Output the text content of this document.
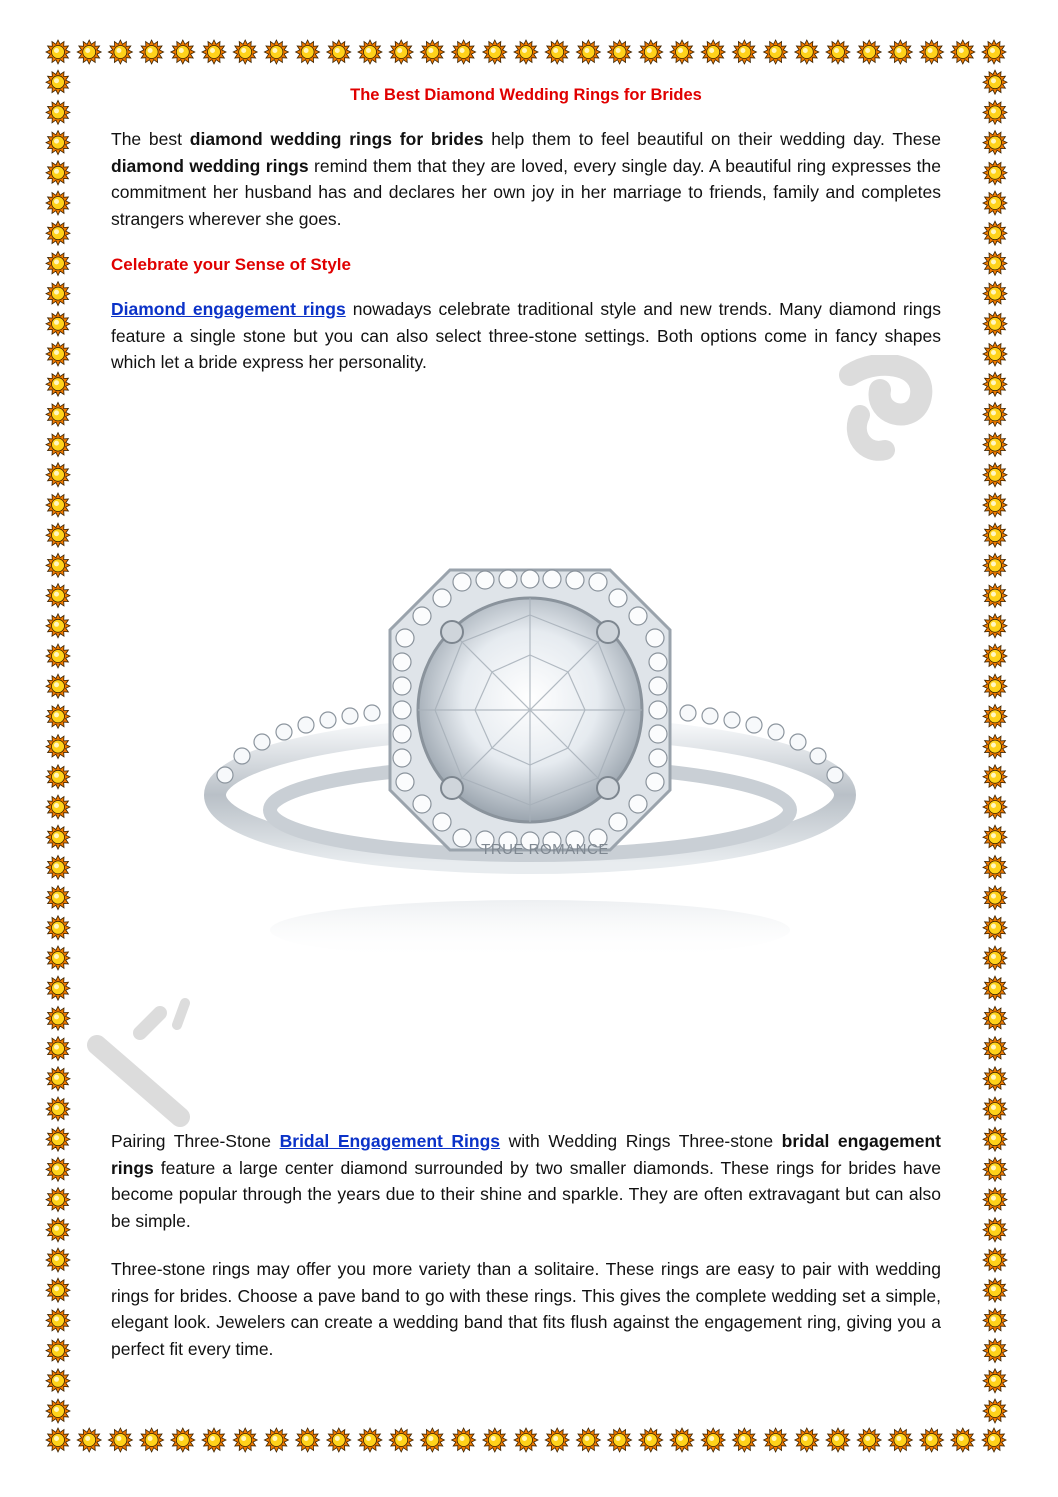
The Best Diamond Wedding Rings for Brides

The best diamond wedding rings for brides help them to feel beautiful on their wedding day. These diamond wedding rings remind them that they are loved, every single day. A beautiful ring expresses the commitment her husband has and declares her own joy in her marriage to friends, family and completes strangers wherever she goes.

Celebrate your Sense of Style

Diamond engagement rings nowadays celebrate traditional style and new trends. Many diamond rings feature a single stone but you can also select three-stone settings. Both options come in fancy shapes which let a bride express her personality.

TRUE ROMANCE

Pairing Three-Stone Bridal Engagement Rings with Wedding Rings Three-stone bridal engagement rings feature a large center diamond surrounded by two smaller diamonds. These rings for brides have become popular through the years due to their shine and sparkle. They are often extravagant but can also be simple.

Three-stone rings may offer you more variety than a solitaire. These rings are easy to pair with wedding rings for brides. Choose a pave band to go with these rings. This gives the complete wedding set a simple, elegant look. Jewelers can create a wedding band that fits flush against the engagement ring, giving you a perfect fit every time.
